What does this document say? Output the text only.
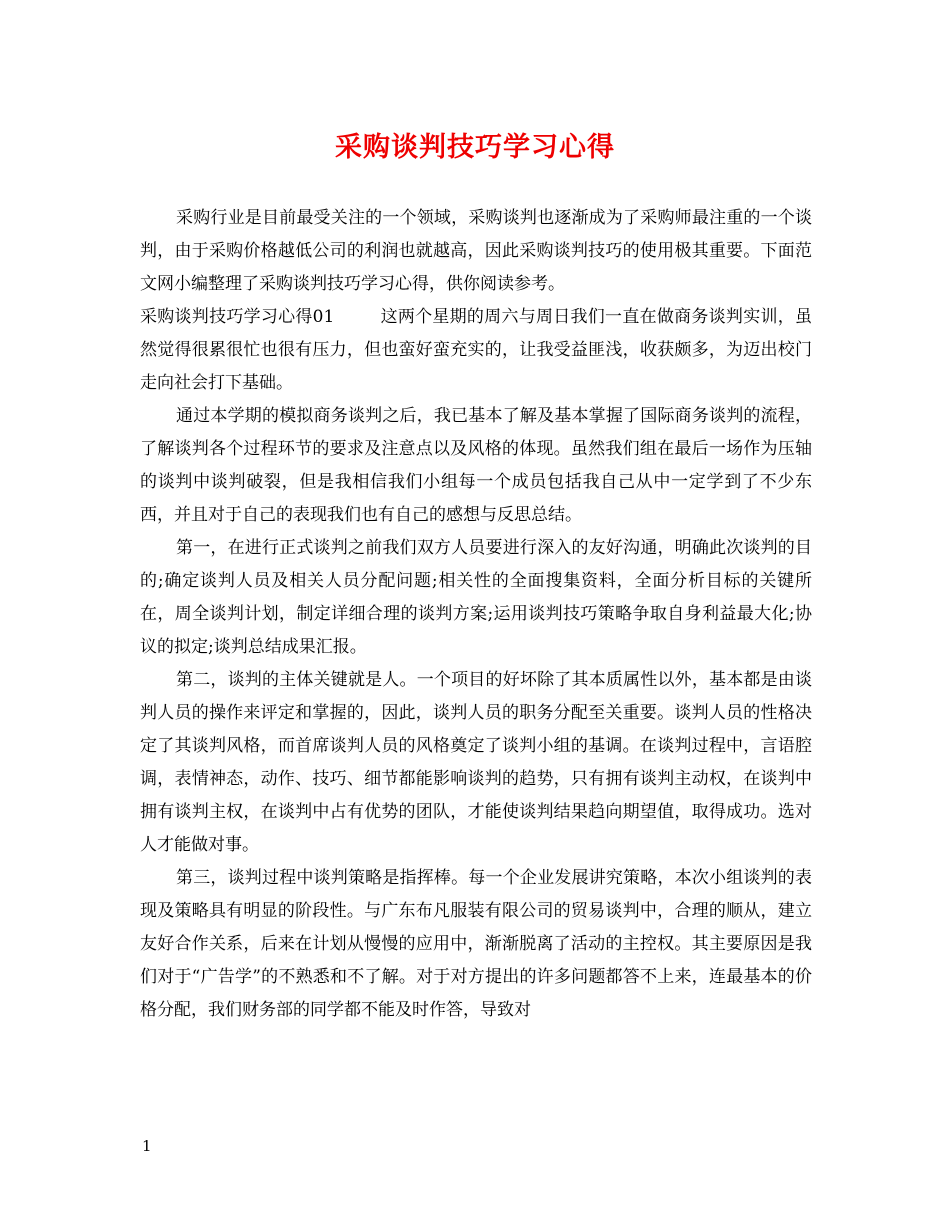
采购谈判技巧学习心得

采购行业是目前最受关注的一个领域，采购谈判也逐渐成为了采购师最注重的一个谈判，由于采购价格越低公司的利润也就越高，因此采购谈判技巧的使用极其重要。下面范文网小编整理了采购谈判技巧学习心得，供你阅读参考。

采购谈判技巧学习心得01	这两个星期的周六与周日我们一直在做商务谈判实训，虽然觉得很累很忙也很有压力，但也蛮好蛮充实的，让我受益匪浅，收获颇多，为迈出校门走向社会打下基础。

通过本学期的模拟商务谈判之后，我已基本了解及基本掌握了国际商务谈判的流程，了解谈判各个过程环节的要求及注意点以及风格的体现。虽然我们组在最后一场作为压轴的谈判中谈判破裂，但是我相信我们小组每一个成员包括我自己从中一定学到了不少东西，并且对于自己的表现我们也有自己的感想与反思总结。

第一，在进行正式谈判之前我们双方人员要进行深入的友好沟通，明确此次谈判的目的;确定谈判人员及相关人员分配问题;相关性的全面搜集资料，全面分析目标的关键所在，周全谈判计划，制定详细合理的谈判方案;运用谈判技巧策略争取自身利益最大化;协议的拟定;谈判总结成果汇报。

第二，谈判的主体关键就是人。一个项目的好坏除了其本质属性以外，基本都是由谈判人员的操作来评定和掌握的，因此，谈判人员的职务分配至关重要。谈判人员的性格决定了其谈判风格，而首席谈判人员的风格奠定了谈判小组的基调。在谈判过程中，言语腔调，表情神态，动作、技巧、细节都能影响谈判的趋势，只有拥有谈判主动权，在谈判中拥有谈判主权，在谈判中占有优势的团队，才能使谈判结果趋向期望值，取得成功。选对人才能做对事。

第三，谈判过程中谈判策略是指挥棒。每一个企业发展讲究策略，本次小组谈判的表现及策略具有明显的阶段性。与广东布凡服装有限公司的贸易谈判中，合理的顺从，建立友好合作关系，后来在计划从慢慢的应用中，渐渐脱离了活动的主控权。其主要原因是我们对于“广告学”的不熟悉和不了解。对于对方提出的许多问题都答不上来，连最基本的价格分配，我们财务部的同学都不能及时作答，导致对

1
